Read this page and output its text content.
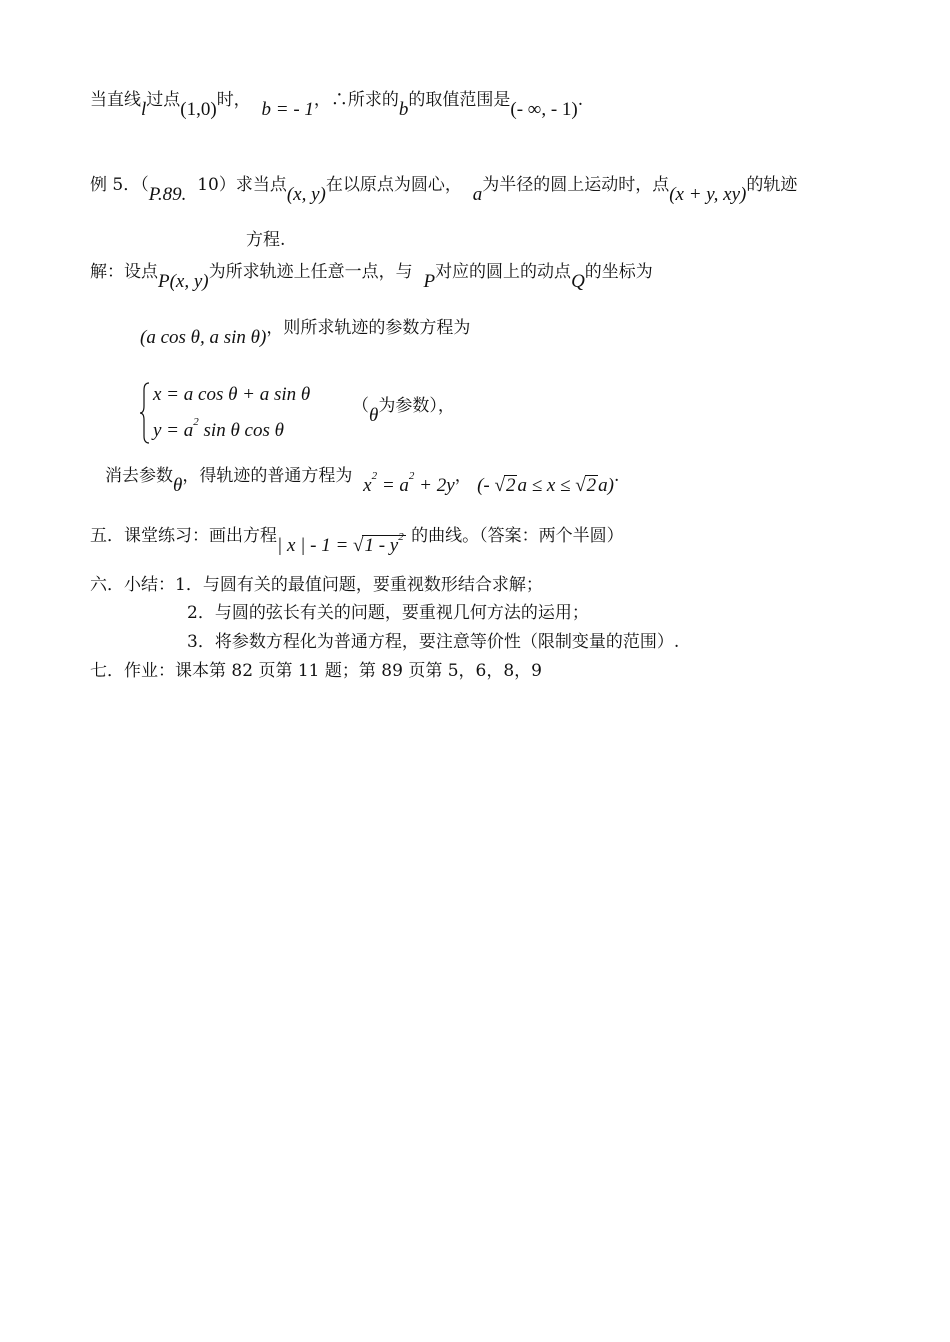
当直线l过点(1,0)时， b = - 1，∴所求的b的取值范围是(- ∞, - 1).
例 5．（P.89. 10）求当点(x, y)在以原点为圆心， a为半径的圆上运动时，点(x + y, xy)的轨迹
方程.
解：设点P(x, y)为所求轨迹上任意一点，与 P对应的圆上的动点Q的坐标为
(a cos θ, a sin θ)，则所求轨迹的参数方程为
x = a cos θ + a sin θ
$y = a^2$ sin θ cos θ
（θ为参数），
消去参数θ，得轨迹的普通方程为 $x^2 = a^2 + 2y$， (- √2 a ≤ x ≤ √2 a).
五．课堂练习：画出方程| x | - $1 = √1 - y^2$ 的曲线。（答案：两个半圆）
六．小结：1．与圆有关的最值问题，要重视数形结合求解；
2．与圆的弦长有关的问题，要重视几何方法的运用；
3．将参数方程化为普通方程，要注意等价性（限制变量的范围）.
七．作业：课本第 82 页第 11 题；第 89 页第 5，6，8，9
